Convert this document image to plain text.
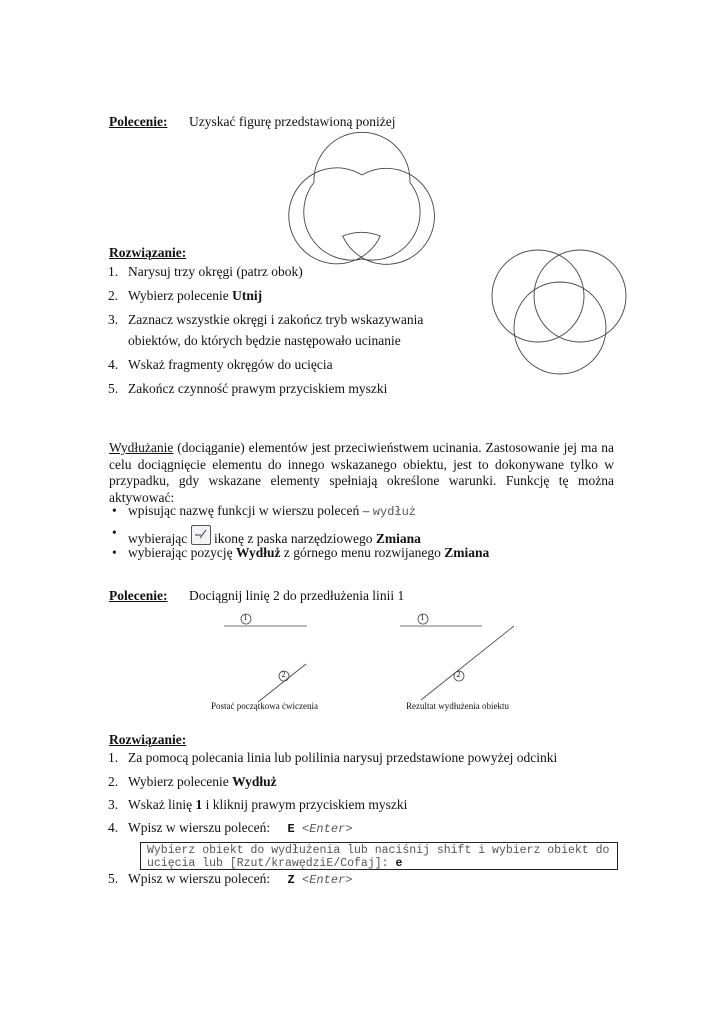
Polecenie: Uzyskać figurę przedstawioną poniżej
Rozwiązanie:
1. Narysuj trzy okręgi (patrz obok)
2. Wybierz polecenie Utnij
3. Zaznacz wszystkie okręgi i zakończ tryb wskazywania
obiektów, do których będzie następowało ucinanie
4. Wskaż fragmenty okręgów do ucięcia
5. Zakończ czynność prawym przyciskiem myszki
Wydłużanie (dociąganie) elementów jest przeciwieństwem ucinania. Zastosowanie jej ma na celu dociągnięcie elementu do innego wskazanego obiektu, jest to dokonywane tylko w przypadku, gdy wskazane elementy spełniają określone warunki. Funkcję tę można aktywować:
• wpisując nazwę funkcji w wierszu poleceń – wydłuż
• wybierając
ikonę z paska narzędziowego Zmiana
• wybierając pozycję Wydłuż z górnego menu rozwijanego Zmiana
Polecenie: Dociągnij linię 2 do przedłużenia linii 1
1
2
1
2
Postać początkowa ćwiczenia	Rezultat wydłużenia obiektu
Rozwiązanie:
1. Za pomocą polecania linia lub polilinia narysuj przedstawione powyżej odcinki
2. Wybierz polecenie Wydłuż
3. Wskaż linię 1 i kliknij prawym przyciskiem myszki
4. Wpisz w wierszu poleceń: E <Enter>
Wybierz obiekt do wydłużenia lub naciśnij shift i wybierz obiekt do
ucięcia lub [Rzut/krawędziE/Cofaj]: e
5. Wpisz w wierszu poleceń: Z <Enter>
